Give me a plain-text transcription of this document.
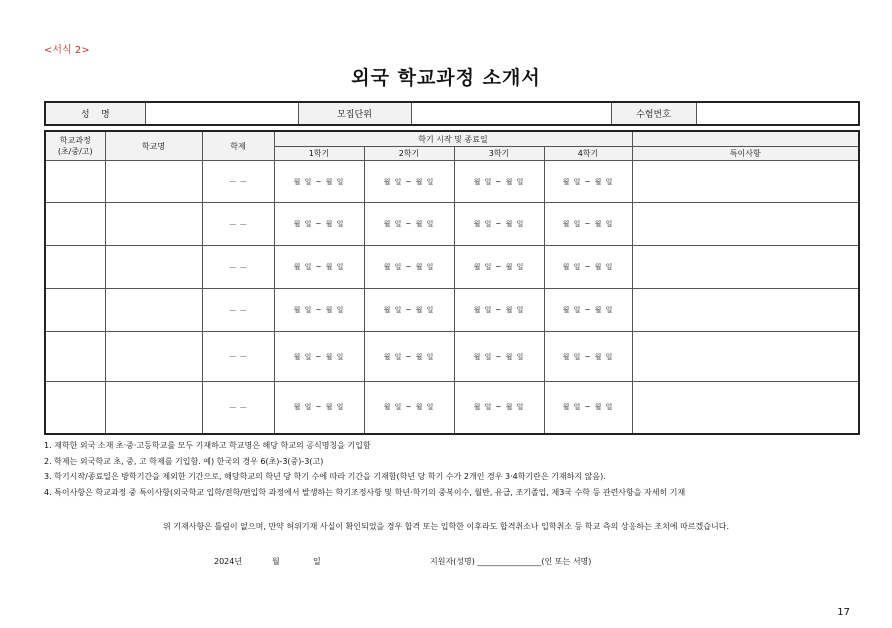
<서식 2>
외국 학교과정 소개서
성    명		모집단위		수험번호	
학교과정
(초/중/고)	학교명	학제	학기 시작 및 종료일				
			1학기	2학기	3학기	4학기	특이사항
		－ －	월 일 ~ 월 일	월 일 ~ 월 일	월 일 ~ 월 일	월 일 ~ 월 일	
		－ －	월 일 ~ 월 일	월 일 ~ 월 일	월 일 ~ 월 일	월 일 ~ 월 일	
		－ －	월 일 ~ 월 일	월 일 ~ 월 일	월 일 ~ 월 일	월 일 ~ 월 일	
		－ －	월 일 ~ 월 일	월 일 ~ 월 일	월 일 ~ 월 일	월 일 ~ 월 일	
		－ －	월 일 ~ 월 일	월 일 ~ 월 일	월 일 ~ 월 일	월 일 ~ 월 일	
		－ －	월 일 ~ 월 일	월 일 ~ 월 일	월 일 ~ 월 일	월 일 ~ 월 일	
1. 재학한 외국 소재 초·중·고등학교를 모두 기재하고 학교명은 해당 학교의 공식명칭을 기입함
2. 학제는 외국학교 초, 중, 고 학제를 기입함. 예) 한국의 경우 6(초)-3(중)-3(고)
3. 학기시작/종료일은 방학기간을 제외한 기간으로, 해당학교의 학년 당 학기 수에 따라 기간을 기재함(학년 당 학기 수가 2개인 경우 3·4학기란은 기재하지 않음).
4. 특이사항은 학교과정 중 특이사항(외국학교 입학/전학/편입학 과정에서 발생하는 학기조정사항 및 학년·학기의 중복이수, 월반, 유급, 조기졸업, 제3국 수학 등 관련사항을 자세히 기재
위 기재사항은 틀림이 없으며, 만약 허위기재 사실이 확인되었을 경우 합격 또는 입학한 이후라도 합격취소나 입학취소 등 학교 측의 상응하는 조치에 따르겠습니다.
2024년	월	일	지원자(성명) ________________(인 또는 서명)
17
